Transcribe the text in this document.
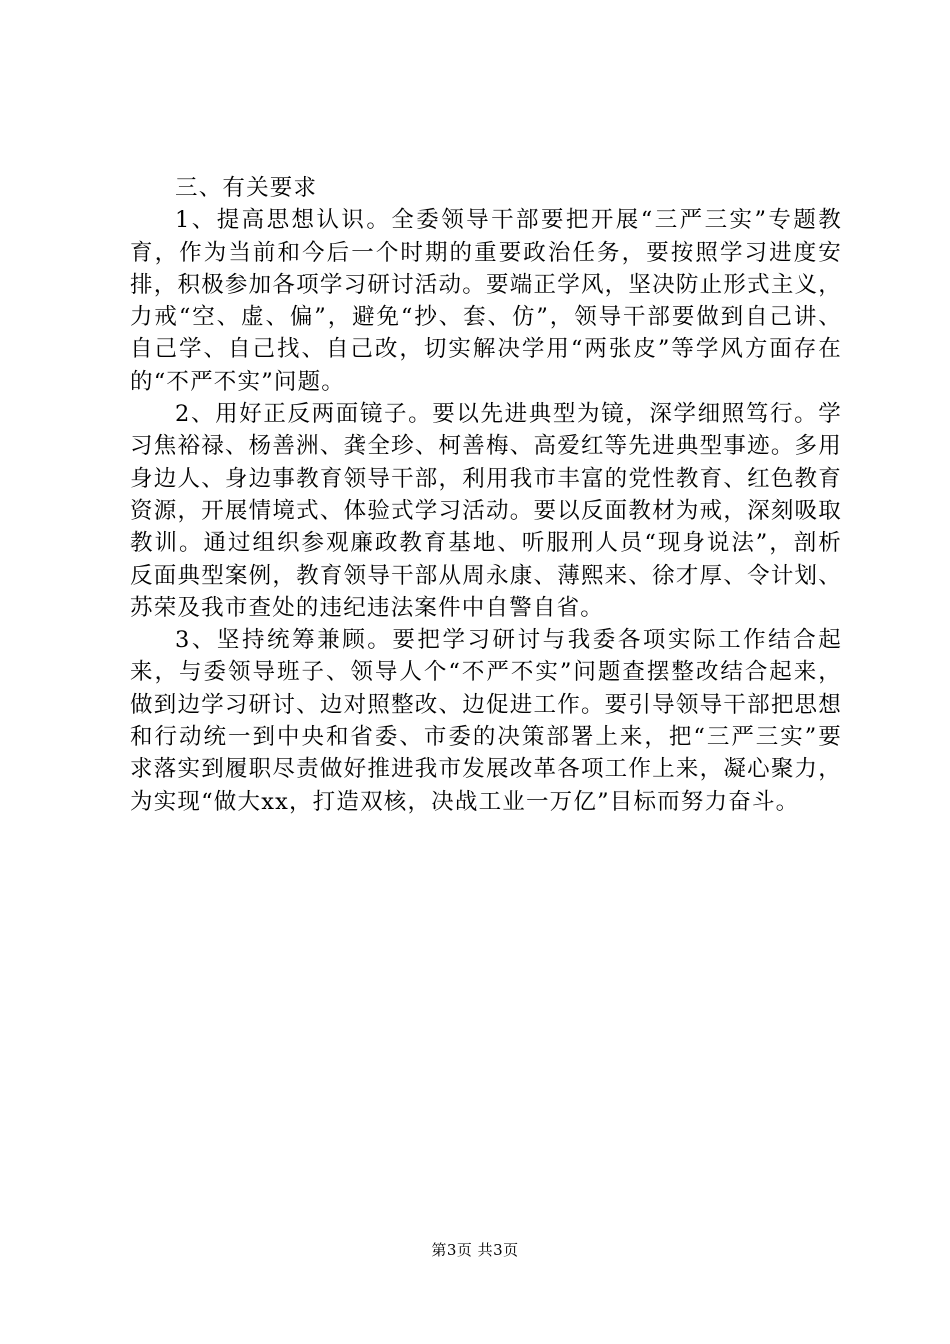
三、有关要求

1、提高思想认识。全委领导干部要把开展“三严三实”专题教育，作为当前和今后一个时期的重要政治任务，要按照学习进度安排，积极参加各项学习研讨活动。要端正学风，坚决防止形式主义，力戒“空、虚、偏”，避免“抄、套、仿”，领导干部要做到自己讲、自己学、自己找、自己改，切实解决学用“两张皮”等学风方面存在的“不严不实”问题。

2、用好正反两面镜子。要以先进典型为镜，深学细照笃行。学习焦裕禄、杨善洲、龚全珍、柯善梅、高爱红等先进典型事迹。多用身边人、身边事教育领导干部，利用我市丰富的党性教育、红色教育资源，开展情境式、体验式学习活动。要以反面教材为戒，深刻吸取教训。通过组织参观廉政教育基地、听服刑人员“现身说法”，剖析反面典型案例，教育领导干部从周永康、薄熙来、徐才厚、令计划、苏荣及我市查处的违纪违法案件中自警自省。

3、坚持统筹兼顾。要把学习研讨与我委各项实际工作结合起来，与委领导班子、领导人个“不严不实”问题查摆整改结合起来，做到边学习研讨、边对照整改、边促进工作。要引导领导干部把思想和行动统一到中央和省委、市委的决策部署上来，把“三严三实”要求落实到履职尽责做好推进我市发展改革各项工作上来，凝心聚力，为实现“做大xx，打造双核，决战工业一万亿”目标而努力奋斗。

第3页 共3页
